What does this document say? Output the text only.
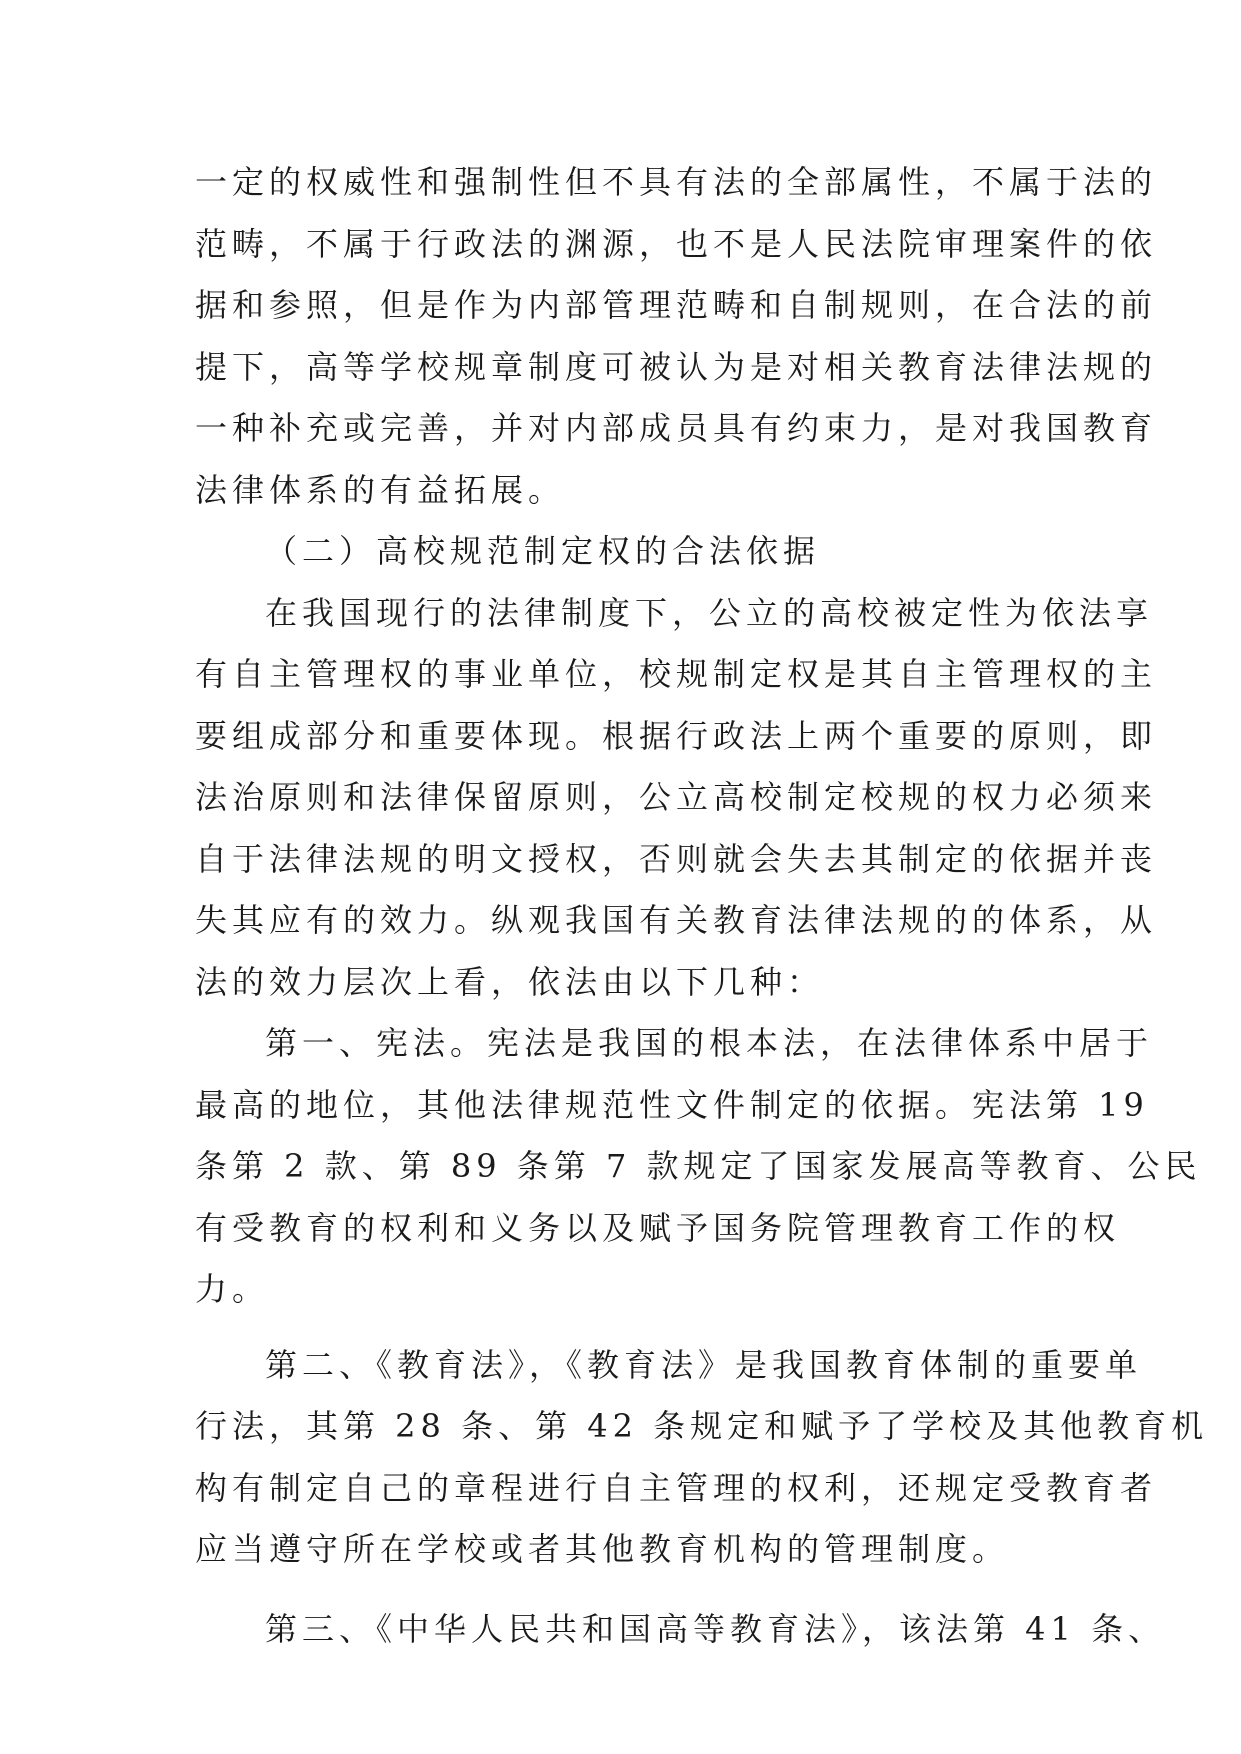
一定的权威性和强制性但不具有法的全部属性，不属于法的
范畴，不属于行政法的渊源，也不是人民法院审理案件的依
据和参照，但是作为内部管理范畴和自制规则，在合法的前
提下，高等学校规章制度可被认为是对相关教育法律法规的
一种补充或完善，并对内部成员具有约束力，是对我国教育
法律体系的有益拓展。
（二）高校规范制定权的合法依据
在我国现行的法律制度下，公立的高校被定性为依法享
有自主管理权的事业单位，校规制定权是其自主管理权的主
要组成部分和重要体现。根据行政法上两个重要的原则，即
法治原则和法律保留原则，公立高校制定校规的权力必须来
自于法律法规的明文授权，否则就会失去其制定的依据并丧
失其应有的效力。纵观我国有关教育法律法规的的体系，从
法的效力层次上看，依法由以下几种：
第一、宪法。宪法是我国的根本法，在法律体系中居于
最高的地位，其他法律规范性文件制定的依据。宪法第 19
条第 2 款、第 89 条第 7 款规定了国家发展高等教育、公民
有受教育的权利和义务以及赋予国务院管理教育工作的权
力。
第二、《教育法》，《教育法》是我国教育体制的重要单
行法，其第 28 条、第 42 条规定和赋予了学校及其他教育机
构有制定自己的章程进行自主管理的权利，还规定受教育者
应当遵守所在学校或者其他教育机构的管理制度。
第三、《中华人民共和国高等教育法》，该法第 41 条、
